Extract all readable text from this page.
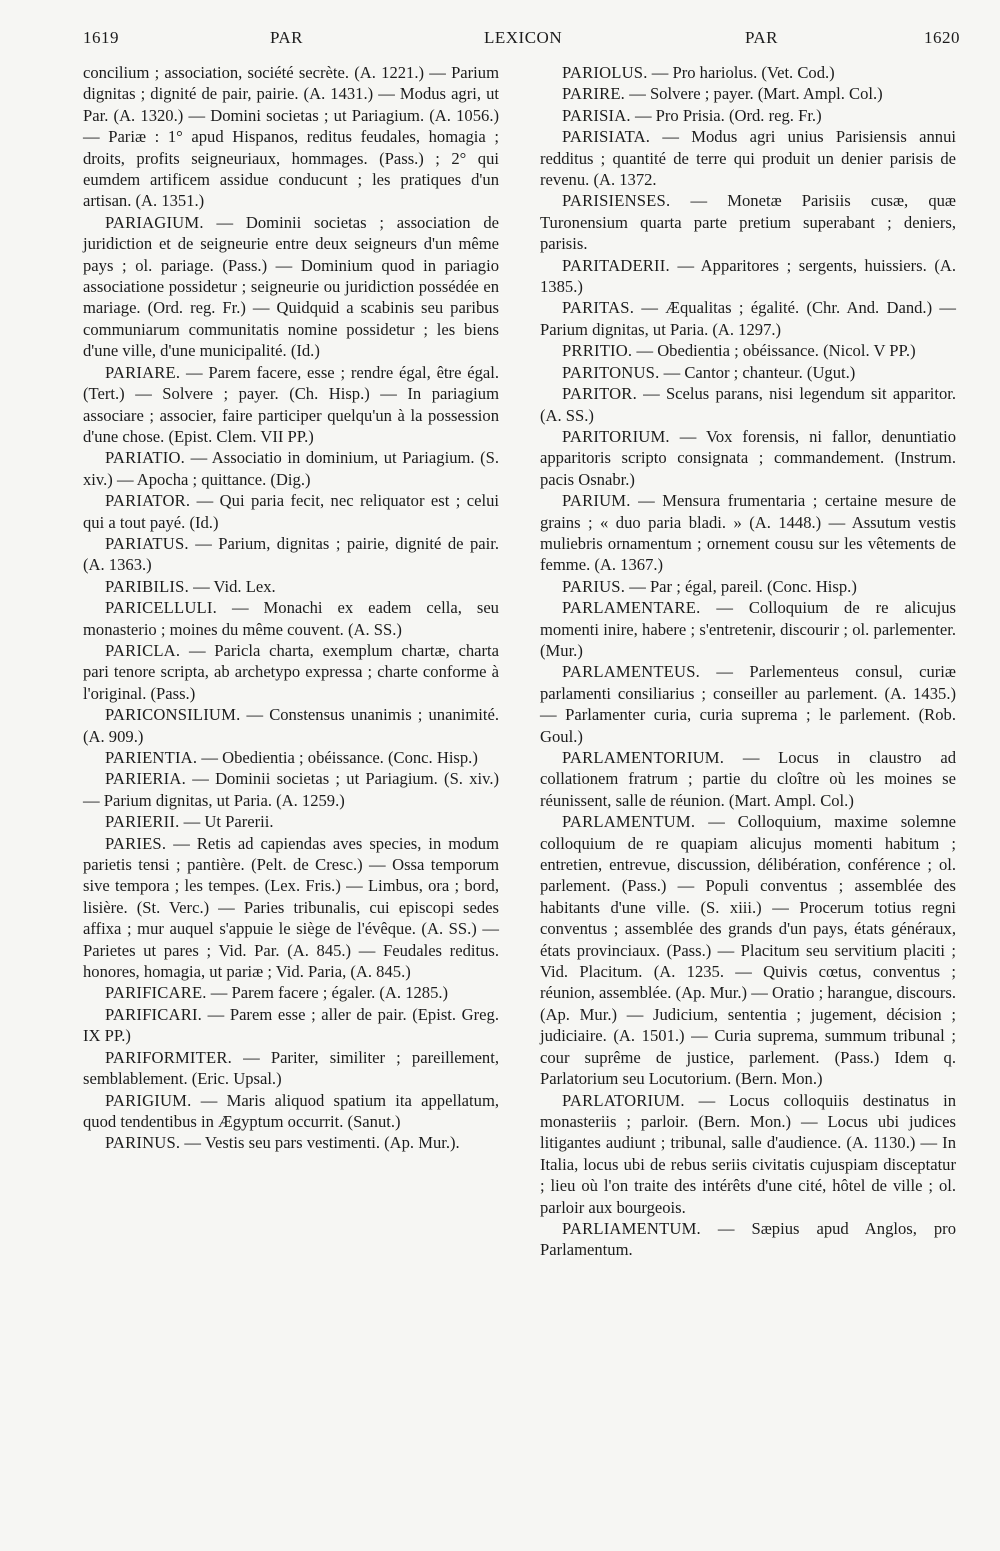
1619	PAR	LEXICON	PAR	1620

concilium ; association, société secrète. (A. 1221.) — Parium dignitas ; dignité de pair, pairie. (A. 1431.) — Modus agri, ut Par. (A. 1320.) — Domini societas ; ut Pariagium. (A. 1056.) — Pariæ : 1° apud Hispanos, reditus feudales, homagia ; droits, profits seigneuriaux, hommages. (Pass.) ; 2° qui eumdem artificem assidue conducunt ; les pratiques d'un artisan. (A. 1351.)

PARIAGIUM. — Dominii societas ; association de juridiction et de seigneurie entre deux seigneurs d'un même pays ; ol. pariage. (Pass.) — Dominium quod in pariagio associatione possidetur ; seigneurie ou juridiction possédée en mariage. (Ord. reg. Fr.) — Quidquid a scabinis seu paribus communiarum communitatis nomine possidetur ; les biens d'une ville, d'une municipalité. (Id.)

PARIARE. — Parem facere, esse ; rendre égal, être égal. (Tert.) — Solvere ; payer. (Ch. Hisp.) — In pariagium associare ; associer, faire participer quelqu'un à la possession d'une chose. (Epist. Clem. VII PP.)

PARIATIO. — Associatio in dominium, ut Pariagium. (S. xiv.) — Apocha ; quittance. (Dig.)

PARIATOR. — Qui paria fecit, nec reliquator est ; celui qui a tout payé. (Id.)

PARIATUS. — Parium, dignitas ; pairie, dignité de pair. (A. 1363.)

PARIBILIS. — Vid. Lex.

PARICELLULI. — Monachi ex eadem cella, seu monasterio ; moines du même couvent. (A. SS.)

PARICLA. — Paricla charta, exemplum chartæ, charta pari tenore scripta, ab archetypo expressa ; charte conforme à l'original. (Pass.)

PARICONSILIUM. — Constensus unanimis ; unanimité. (A. 909.)

PARIENTIA. — Obedientia ; obéissance. (Conc. Hisp.)

PARIERIA. — Dominii societas ; ut Pariagium. (S. xiv.) — Parium dignitas, ut Paria. (A. 1259.)

PARIERII. — Ut Parerii.

PARIES. — Retis ad capiendas aves species, in modum parietis tensi ; pantière. (Pelt. de Cresc.) — Ossa temporum sive tempora ; les tempes. (Lex. Fris.) — Limbus, ora ; bord, lisière. (St. Verc.) — Paries tribunalis, cui episcopi sedes affixa ; mur auquel s'appuie le siège de l'évêque. (A. SS.) — Parietes ut pares ; Vid. Par. (A. 845.) — Feudales reditus. honores, homagia, ut pariæ ; Vid. Paria, (A. 845.)

PARIFICARE. — Parem facere ; égaler. (A. 1285.)

PARIFICARI. — Parem esse ; aller de pair. (Epist. Greg. IX PP.)

PARIFORMITER. — Pariter, similiter ; pareillement, semblablement. (Eric. Upsal.)

PARIGIUM. — Maris aliquod spatium ita appellatum, quod tendentibus in Ægyptum occurrit. (Sanut.)

PARINUS. — Vestis seu pars vestimenti. (Ap. Mur.).

PARIOLUS. — Pro hariolus. (Vet. Cod.)

PARIRE. — Solvere ; payer. (Mart. Ampl. Col.)

PARISIA. — Pro Prisia. (Ord. reg. Fr.)

PARISIATA. — Modus agri unius Parisiensis annui redditus ; quantité de terre qui produit un denier parisis de revenu. (A. 1372.

PARISIENSES. — Monetæ Parisiis cusæ, quæ Turonensium quarta parte pretium superabant ; deniers, parisis.

PARITADERII. — Apparitores ; sergents, huissiers. (A. 1385.)

PARITAS. — Æqualitas ; égalité. (Chr. And. Dand.) — Parium dignitas, ut Paria. (A. 1297.)

PRRITIO. — Obedientia ; obéissance. (Nicol. V PP.)

PARITONUS. — Cantor ; chanteur. (Ugut.)

PARITOR. — Scelus parans, nisi legendum sit apparitor. (A. SS.)

PARITORIUM. — Vox forensis, ni fallor, denuntiatio apparitoris scripto consignata ; commandement. (Instrum. pacis Osnabr.)

PARIUM. — Mensura frumentaria ; certaine mesure de grains ; « duo paria bladi. » (A. 1448.) — Assutum vestis muliebris ornamentum ; ornement cousu sur les vêtements de femme. (A. 1367.)

PARIUS. — Par ; égal, pareil. (Conc. Hisp.)

PARLAMENTARE. — Colloquium de re alicujus momenti inire, habere ; s'entretenir, discourir ; ol. parlementer. (Mur.)

PARLAMENTEUS. — Parlementeus consul, curiæ parlamenti consiliarius ; conseiller au parlement. (A. 1435.) — Parlamenter curia, curia suprema ; le parlement. (Rob. Goul.)

PARLAMENTORIUM. — Locus in claustro ad collationem fratrum ; partie du cloître où les moines se réunissent, salle de réunion. (Mart. Ampl. Col.)

PARLAMENTUM. — Colloquium, maxime solemne colloquium de re quapiam alicujus momenti habitum ; entretien, entrevue, discussion, délibération, conférence ; ol. parlement. (Pass.) — Populi conventus ; assemblée des habitants d'une ville. (S. xiii.) — Procerum totius regni conventus ; assemblée des grands d'un pays, états généraux, états provinciaux. (Pass.) — Placitum seu servitium placiti ; Vid. Placitum. (A. 1235. — Quivis cœtus, conventus ; réunion, assemblée. (Ap. Mur.) — Oratio ; harangue, discours. (Ap. Mur.) — Judicium, sententia ; jugement, décision ; judiciaire. (A. 1501.) — Curia suprema, summum tribunal ; cour suprême de justice, parlement. (Pass.) Idem q. Parlatorium seu Locutorium. (Bern. Mon.)

PARLATORIUM. — Locus colloquiis destinatus in monasteriis ; parloir. (Bern. Mon.) — Locus ubi judices litigantes audiunt ; tribunal, salle d'audience. (A. 1130.) — In Italia, locus ubi de rebus seriis civitatis cujuspiam disceptatur ; lieu où l'on traite des intérêts d'une cité, hôtel de ville ; ol. parloir aux bourgeois.

PARLIAMENTUM. — Sæpius apud Anglos, pro Parlamentum.
